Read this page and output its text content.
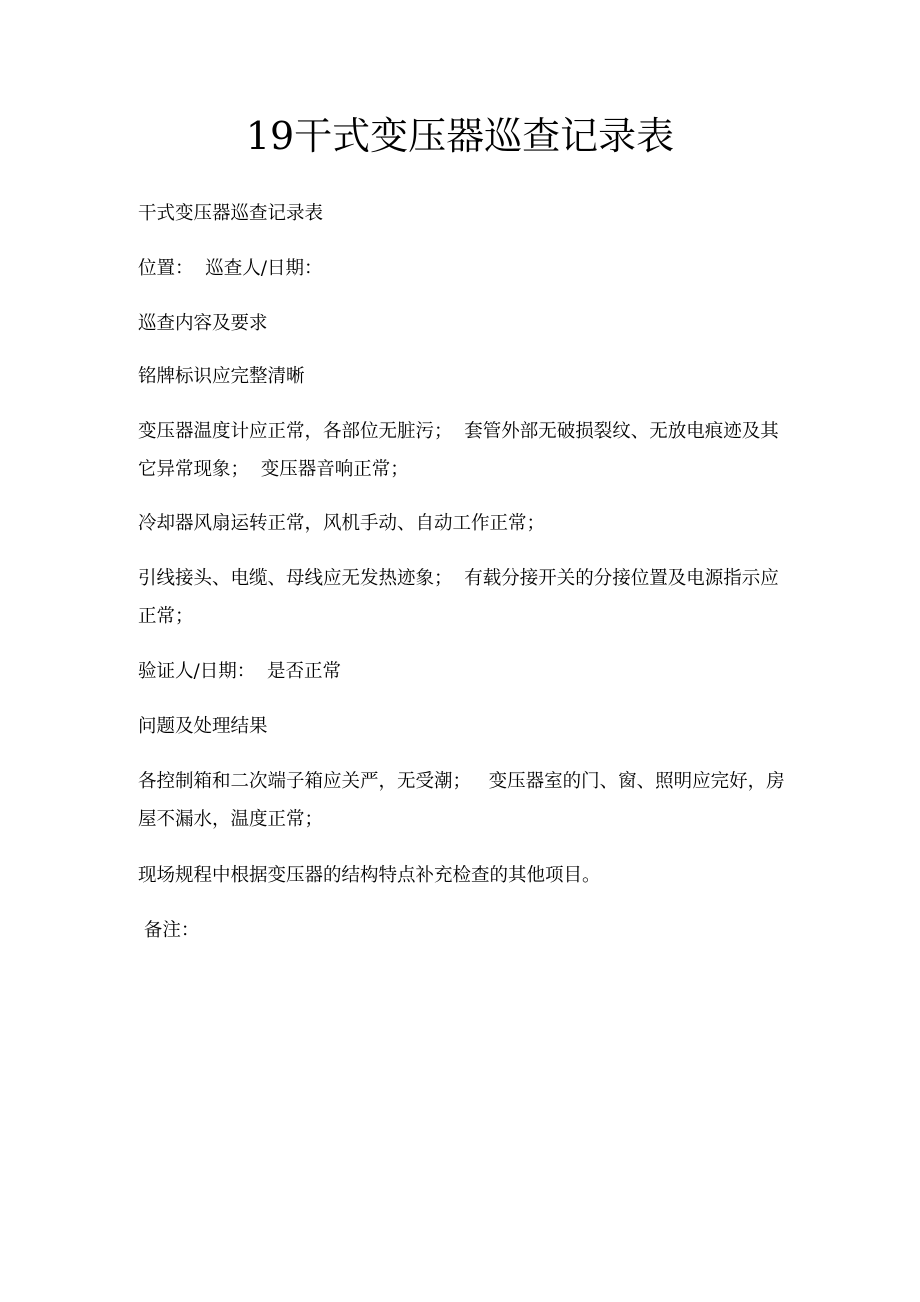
19干式变压器巡查记录表

干式变压器巡查记录表

位置：  巡查人/日期：

巡查内容及要求

铭牌标识应完整清晰

变压器温度计应正常，各部位无脏污；  套管外部无破损裂纹、无放电痕迹及其它异常现象；  变压器音响正常；

冷却器风扇运转正常，风机手动、自动工作正常；

引线接头、电缆、母线应无发热迹象；  有载分接开关的分接位置及电源指示应正常；

验证人/日期：  是否正常

问题及处理结果

各控制箱和二次端子箱应关严，无受潮；   变压器室的门、窗、照明应完好，房屋不漏水，温度正常；

现场规程中根据变压器的结构特点补充检查的其他项目。

备注：
